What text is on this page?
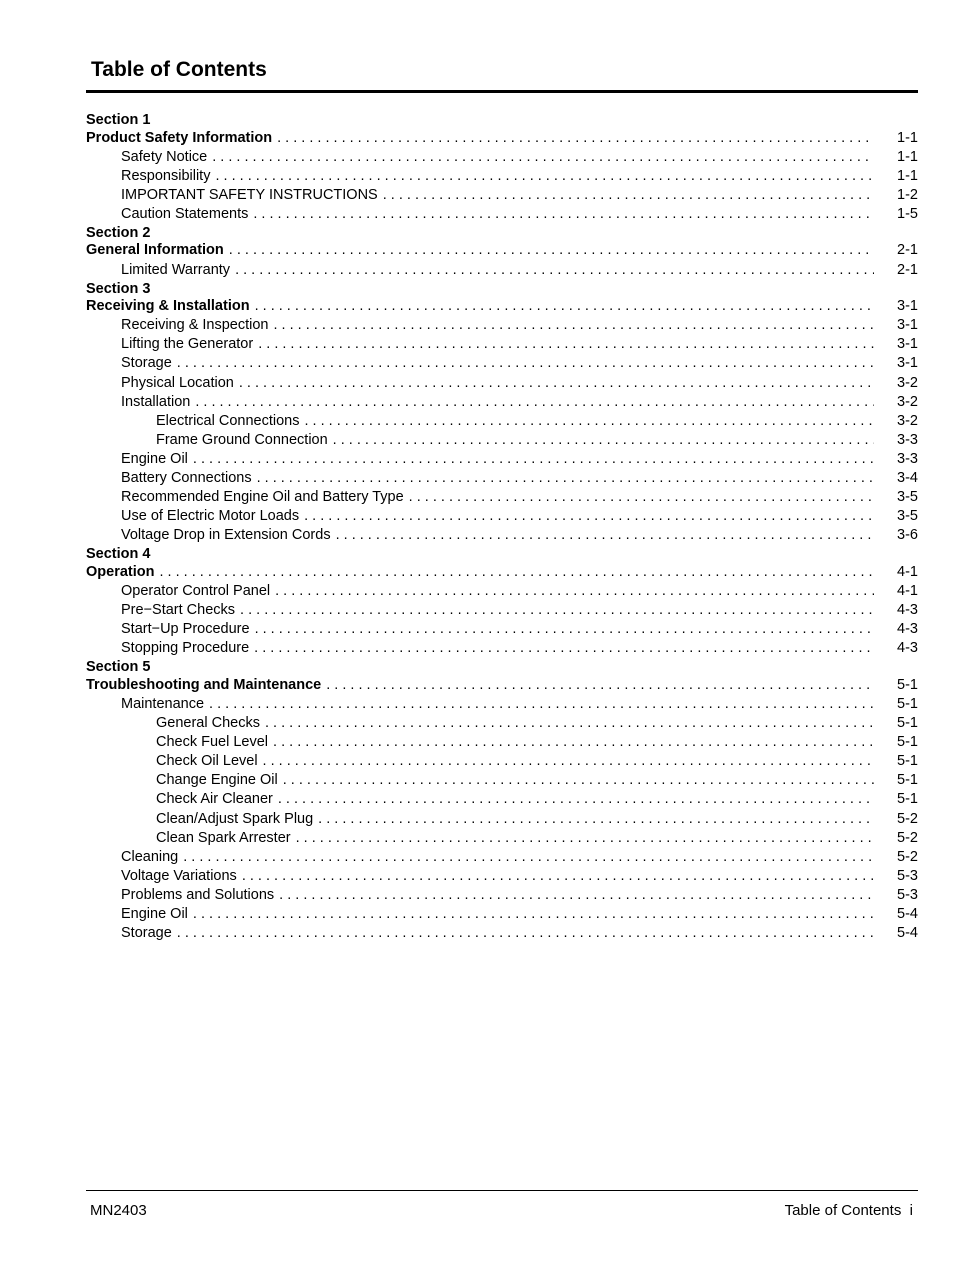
Table of Contents
Section 1
Product Safety Information . . .	1-1
Safety Notice . . .	1-1
Responsibility . . .	1-1
IMPORTANT SAFETY INSTRUCTIONS . . .	1-2
Caution Statements . . .	1-5
Section 2
General Information . . .	2-1
Limited Warranty . . .	2-1
Section 3
Receiving & Installation . . .	3-1
Receiving & Inspection . . .	3-1
Lifting the Generator . . .	3-1
Storage . . .	3-1
Physical Location . . .	3-2
Installation . . .	3-2
Electrical Connections . . .	3-2
Frame Ground Connection . . .	3-3
Engine Oil . . .	3-3
Battery Connections . . .	3-4
Recommended Engine Oil and Battery Type . . .	3-5
Use of Electric Motor Loads . . .	3-5
Voltage Drop in Extension Cords . . .	3-6
Section 4
Operation . . .	4-1
Operator Control Panel . . .	4-1
Pre−Start Checks . . .	4-3
Start−Up Procedure . . .	4-3
Stopping Procedure . . .	4-3
Section 5
Troubleshooting and Maintenance . . .	5-1
Maintenance . . .	5-1
General Checks . . .	5-1
Check Fuel Level . . .	5-1
Check Oil Level . . .	5-1
Change Engine Oil . . .	5-1
Check Air Cleaner . . .	5-1
Clean/Adjust Spark Plug . . .	5-2
Clean Spark Arrester . . .	5-2
Cleaning . . .	5-2
Voltage Variations . . .	5-3
Problems and Solutions . . .	5-3
Engine Oil . . .	5-4
Storage . . .	5-4
MN2403	Table of Contents  i
